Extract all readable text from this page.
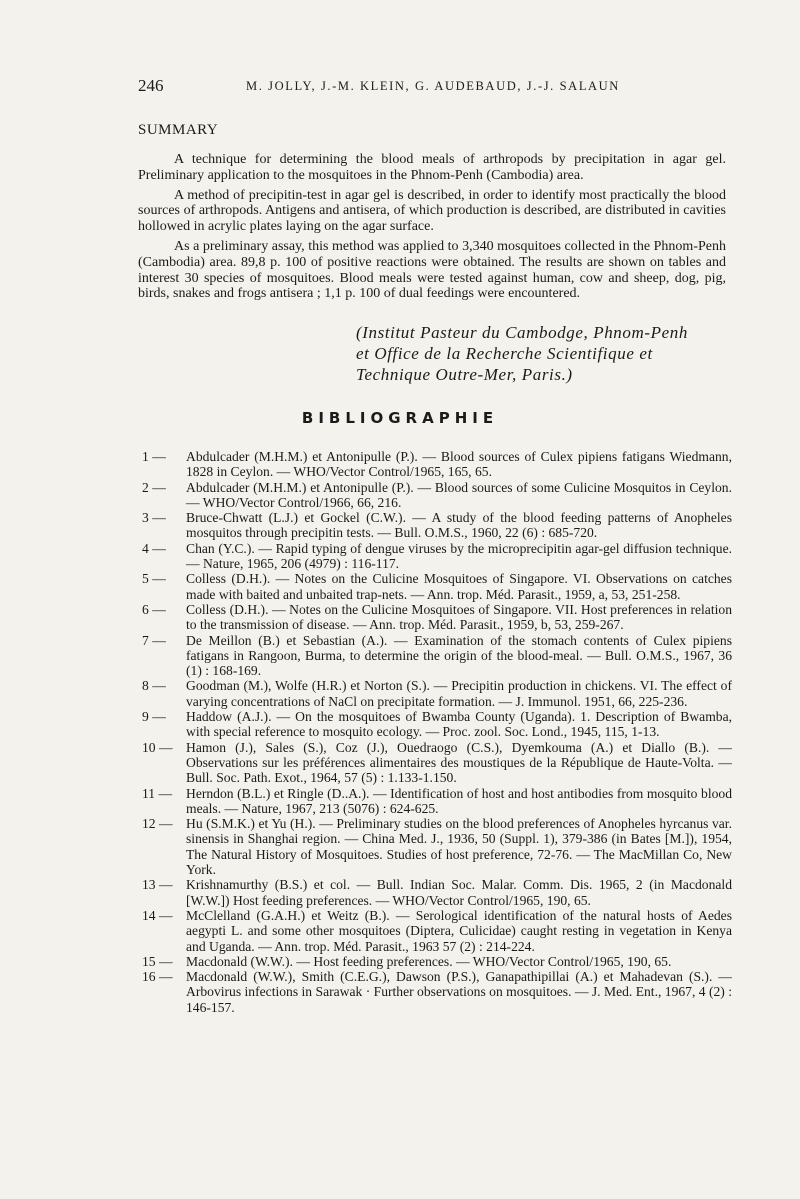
246	M. JOLLY, J.-M. KLEIN, G. AUDEBAUD, J.-J. SALAUN
SUMMARY

A technique for determining the blood meals of arthropods by precipitation in agar gel. Preliminary application to the mosquitoes in the Phnom-Penh (Cambodia) area.

A method of precipitin-test in agar gel is described, in order to identify most practically the blood sources of arthropods. Antigens and antisera, of which production is described, are distributed in cavities hollowed in acrylic plates laying on the agar surface.

As a preliminary assay, this method was applied to 3,340 mosquitoes collected in the Phnom-Penh (Cambodia) area. 89,8 p. 100 of positive reactions were obtained. The results are shown on tables and interest 30 species of mosquitoes. Blood meals were tested against human, cow and sheep, dog, pig, birds, snakes and frogs antisera ; 1,1 p. 100 of dual feedings were encountered.

(Institut Pasteur du Cambodge, Phnom-Penh
et Office de la Recherche Scientifique et
Technique Outre-Mer, Paris.)
BIBLIOGRAPHIE
1 —	Abdulcader (M.H.M.) et Antonipulle (P.). — Blood sources of Culex pipiens fatigans Wiedmann, 1828 in Ceylon. — WHO/Vector Control/1965, 165, 65.
2 —	Abdulcader (M.H.M.) et Antonipulle (P.). — Blood sources of some Culicine Mosquitos in Ceylon. — WHO/Vector Control/1966, 66, 216.
3 —	Bruce-Chwatt (L.J.) et Gockel (C.W.). — A study of the blood feeding patterns of Anopheles mosquitos through precipitin tests. — Bull. O.M.S., 1960, 22 (6) : 685-720.
4 —	Chan (Y.C.). — Rapid typing of dengue viruses by the microprecipitin agar-gel diffusion technique. — Nature, 1965, 206 (4979) : 116-117.
5 —	Colless (D.H.). — Notes on the Culicine Mosquitoes of Singapore. VI. Observations on catches made with baited and unbaited trap-nets. — Ann. trop. Méd. Parasit., 1959, a, 53, 251-258.
6 —	Colless (D.H.). — Notes on the Culicine Mosquitoes of Singapore. VII. Host preferences in relation to the transmission of disease. — Ann. trop. Méd. Parasit., 1959, b, 53, 259-267.
7 —	De Meillon (B.) et Sebastian (A.). — Examination of the stomach contents of Culex pipiens fatigans in Rangoon, Burma, to determine the origin of the blood-meal. — Bull. O.M.S., 1967, 36 (1) : 168-169.
8 —	Goodman (M.), Wolfe (H.R.) et Norton (S.). — Precipitin production in chickens. VI. The effect of varying concentrations of NaCl on precipitate formation. — J. Immunol. 1951, 66, 225-236.
9 —	Haddow (A.J.). — On the mosquitoes of Bwamba County (Uganda). 1. Description of Bwamba, with special reference to mosquito ecology. — Proc. zool. Soc. Lond., 1945, 115, 1-13.
10 — Hamon (J.), Sales (S.), Coz (J.), Ouedraogo (C.S.), Dyemkouma (A.) et Diallo (B.). — Observations sur les préférences alimentaires des moustiques de la République de Haute-Volta. — Bull. Soc. Path. Exot., 1964, 57 (5) : 1.133-1.150.
11 — Herndon (B.L.) et Ringle (D..A.). — Identification of host and host antibodies from mosquito blood meals. — Nature, 1967, 213 (5076) : 624-625.
12 — Hu (S.M.K.) et Yu (H.). — Preliminary studies on the blood preferences of Anopheles hyrcanus var. sinensis in Shanghai region. — China Med. J., 1936, 50 (Suppl. 1), 379-386 (in Bates [M.]), 1954, The Natural History of Mosquitoes. Studies of host preference, 72-76. — The MacMillan Co, New York.
13 — Krishnamurthy (B.S.) et col. — Bull. Indian Soc. Malar. Comm. Dis. 1965, 2 (in Macdonald [W.W.]) Host feeding preferences. — WHO/Vector Control/1965, 190, 65.
14 — McClelland (G.A.H.) et Weitz (B.). — Serological identification of the natural hosts of Aedes aegypti L. and some other mosquitoes (Diptera, Culicidae) caught resting in vegetation in Kenya and Uganda. — Ann. trop. Méd. Parasit., 1963 57 (2) : 214-224.
15 — Macdonald (W.W.). — Host feeding preferences. — WHO/Vector Control/1965, 190, 65.
16 — Macdonald (W.W.), Smith (C.E.G.), Dawson (P.S.), Ganapathipillai (A.) et Mahadevan (S.). — Arbovirus infections in Sarawak · Further observations on mosquitoes. — J. Med. Ent., 1967, 4 (2) : 146-157.
